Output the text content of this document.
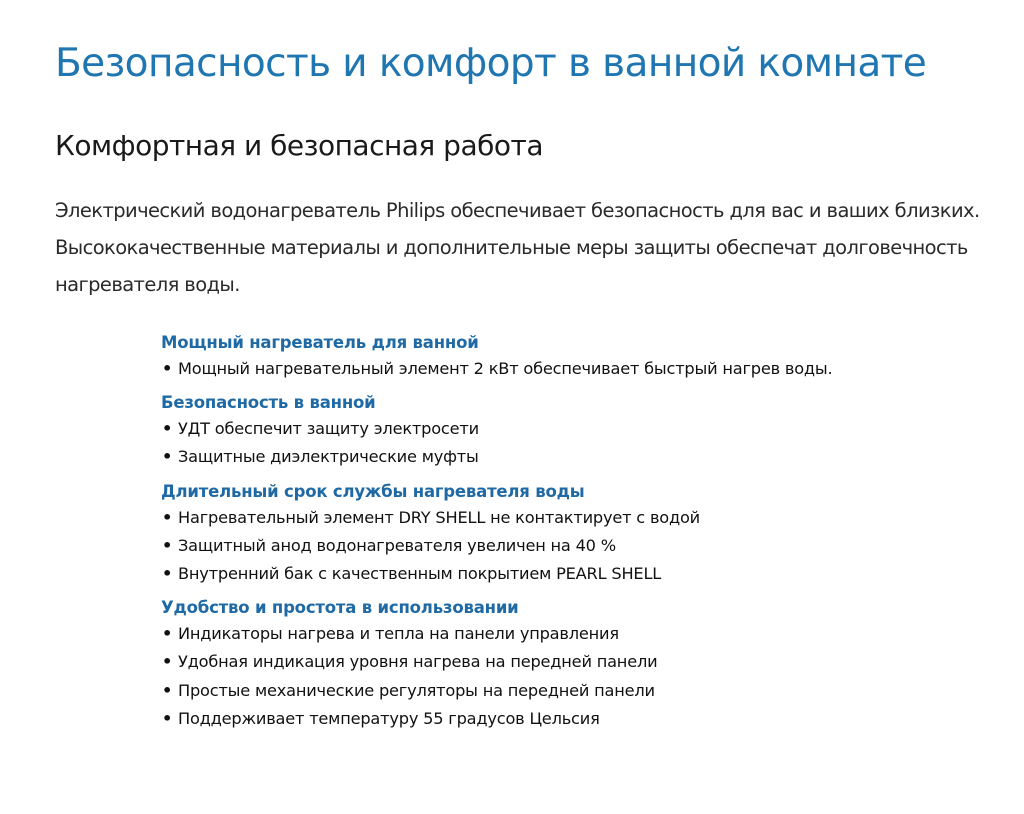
Безопасность и комфорт в ванной комнате
Комфортная и безопасная работа

Электрический водонагреватель Philips обеспечивает безопасность для вас и ваших близких. Высококачественные материалы и дополнительные меры защиты обеспечат долговечность нагревателя воды.

Мощный нагреватель для ванной
• Мощный нагревательный элемент 2 кВт обеспечивает быстрый нагрев воды.
Безопасность в ванной
• УДТ обеспечит защиту электросети
• Защитные диэлектрические муфты
Длительный срок службы нагревателя воды
• Нагревательный элемент DRY SHELL не контактирует с водой
• Защитный анод водонагревателя увеличен на 40 %
• Внутренний бак с качественным покрытием PEARL SHELL
Удобство и простота в использовании
• Индикаторы нагрева и тепла на панели управления
• Удобная индикация уровня нагрева на передней панели
• Простые механические регуляторы на передней панели
• Поддерживает температуру 55 градусов Цельсия
